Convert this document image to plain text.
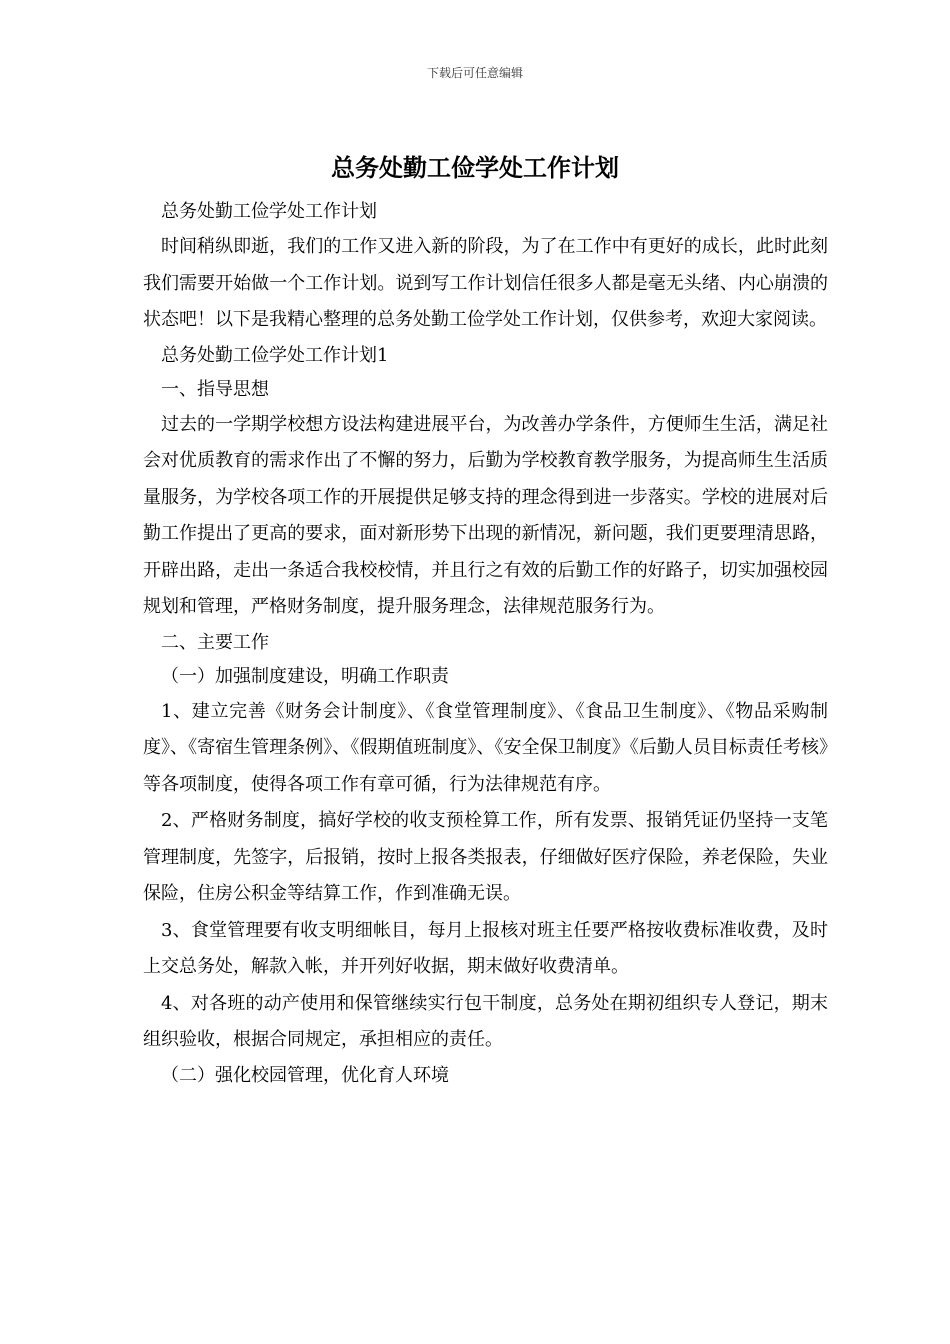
下载后可任意编辑
总务处勤工俭学处工作计划

总务处勤工俭学处工作计划

时间稍纵即逝，我们的工作又进入新的阶段，为了在工作中有更好的成长，此时此刻我们需要开始做一个工作计划。说到写工作计划信任很多人都是毫无头绪、内心崩溃的状态吧！以下是我精心整理的总务处勤工俭学处工作计划，仅供参考，欢迎大家阅读。

总务处勤工俭学处工作计划1

一、指导思想

过去的一学期学校想方设法构建进展平台，为改善办学条件，方便师生生活，满足社会对优质教育的需求作出了不懈的努力，后勤为学校教育教学服务，为提高师生生活质量服务，为学校各项工作的开展提供足够支持的理念得到进一步落实。学校的进展对后勤工作提出了更高的要求，面对新形势下出现的新情况，新问题，我们更要理清思路，开辟出路，走出一条适合我校校情，并且行之有效的后勤工作的好路子，切实加强校园规划和管理，严格财务制度，提升服务理念，法律规范服务行为。

二、主要工作

（一）加强制度建设，明确工作职责

1、建立完善《财务会计制度》、《食堂管理制度》、《食品卫生制度》、《物品采购制度》、《寄宿生管理条例》、《假期值班制度》、《安全保卫制度》《后勤人员目标责任考核》等各项制度，使得各项工作有章可循，行为法律规范有序。

2、严格财务制度，搞好学校的收支预栓算工作，所有发票、报销凭证仍坚持一支笔管理制度，先签字，后报销，按时上报各类报表，仔细做好医疗保险，养老保险，失业保险，住房公积金等结算工作，作到准确无误。

3、食堂管理要有收支明细帐目，每月上报核对班主任要严格按收费标准收费，及时上交总务处，解款入帐，并开列好收据，期末做好收费清单。

4、对各班的动产使用和保管继续实行包干制度，总务处在期初组织专人登记，期末组织验收，根据合同规定，承担相应的责任。

（二）强化校园管理，优化育人环境
